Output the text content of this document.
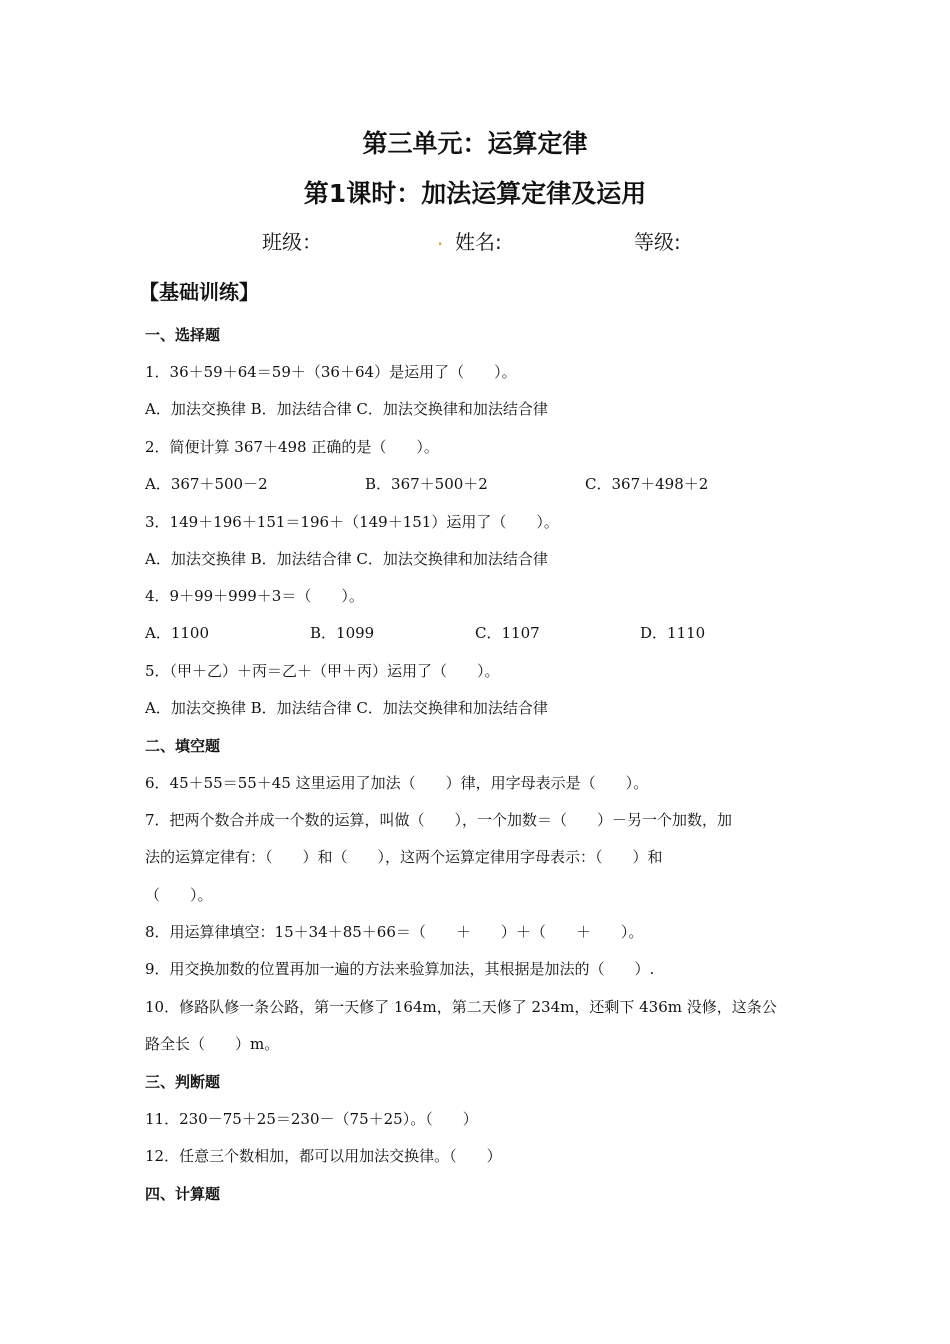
第三单元：运算定律
第1课时：加法运算定律及运用
班级：	. 姓名:	等级:
【基础训练】
一、选择题
1．36＋59＋64＝59＋（36＋64）是运用了（　　）。
A．加法交换律 B．加法结合律 C．加法交换律和加法结合律
2．简便计算 367＋498 正确的是（　　）。
A．367＋500－2	B．367＋500＋2	C．367＋498＋2
3．149＋196＋151＝196＋（149＋151）运用了（　　）。
A．加法交换律 B．加法结合律 C．加法交换律和加法结合律
4．9＋99＋999＋3＝（　　）。
A．1100	B．1099	C．1107	D．1110
5．（甲＋乙）＋丙＝乙＋（甲＋丙）运用了（　　）。
A．加法交换律 B．加法结合律 C．加法交换律和加法结合律
二、填空题
6．45＋55＝55＋45 这里运用了加法（　　）律，用字母表示是（　　）。
7．把两个数合并成一个数的运算，叫做（　　），一个加数＝（　　）－另一个加数，加
法的运算定律有：（　　）和（　　），这两个运算定律用字母表示：（　　）和
（　　）。
8．用运算律填空：15＋34＋85＋66＝（　　＋　　）＋（　　＋　　）。
9．用交换加数的位置再加一遍的方法来验算加法，其根据是加法的（　　）.
10．修路队修一条公路，第一天修了 164m，第二天修了 234m，还剩下 436m 没修，这条公
路全长（　　）m。
三、判断题
11．230－75＋25＝230－（75＋25）。（　　）
12．任意三个数相加，都可以用加法交换律。（　　）
四、计算题
